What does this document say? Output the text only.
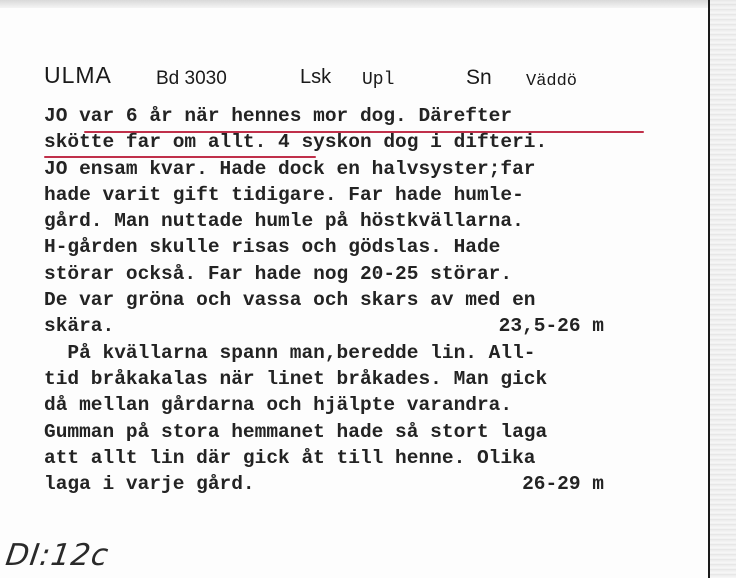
ULMA Bd 3030	Lsk Upl	Sn Väddö
JO var 6 år när hennes mor dog. Därefter
skötte far om allt. 4 syskon dog i difteri.
JO ensam kvar. Hade dock en halvsyster;far
hade varit gift tidigare. Far hade humle-
gård. Man nuttade humle på höstkvällarna.
H-gården skulle risas och gödslas. Hade
störar också. Far hade nog 20-25 störar.
De var gröna och vassa och skars av med en
skära.	23,5-26 m
På kvällarna spann man,beredde lin. All-
tid bråkakalas när linet bråkades. Man gick
då mellan gårdarna och hjälpte varandra.
Gumman på stora hemmanet hade så stort laga
att allt lin där gick åt till henne. Olika
laga i varje gård.	26-29 m
DI:12c
